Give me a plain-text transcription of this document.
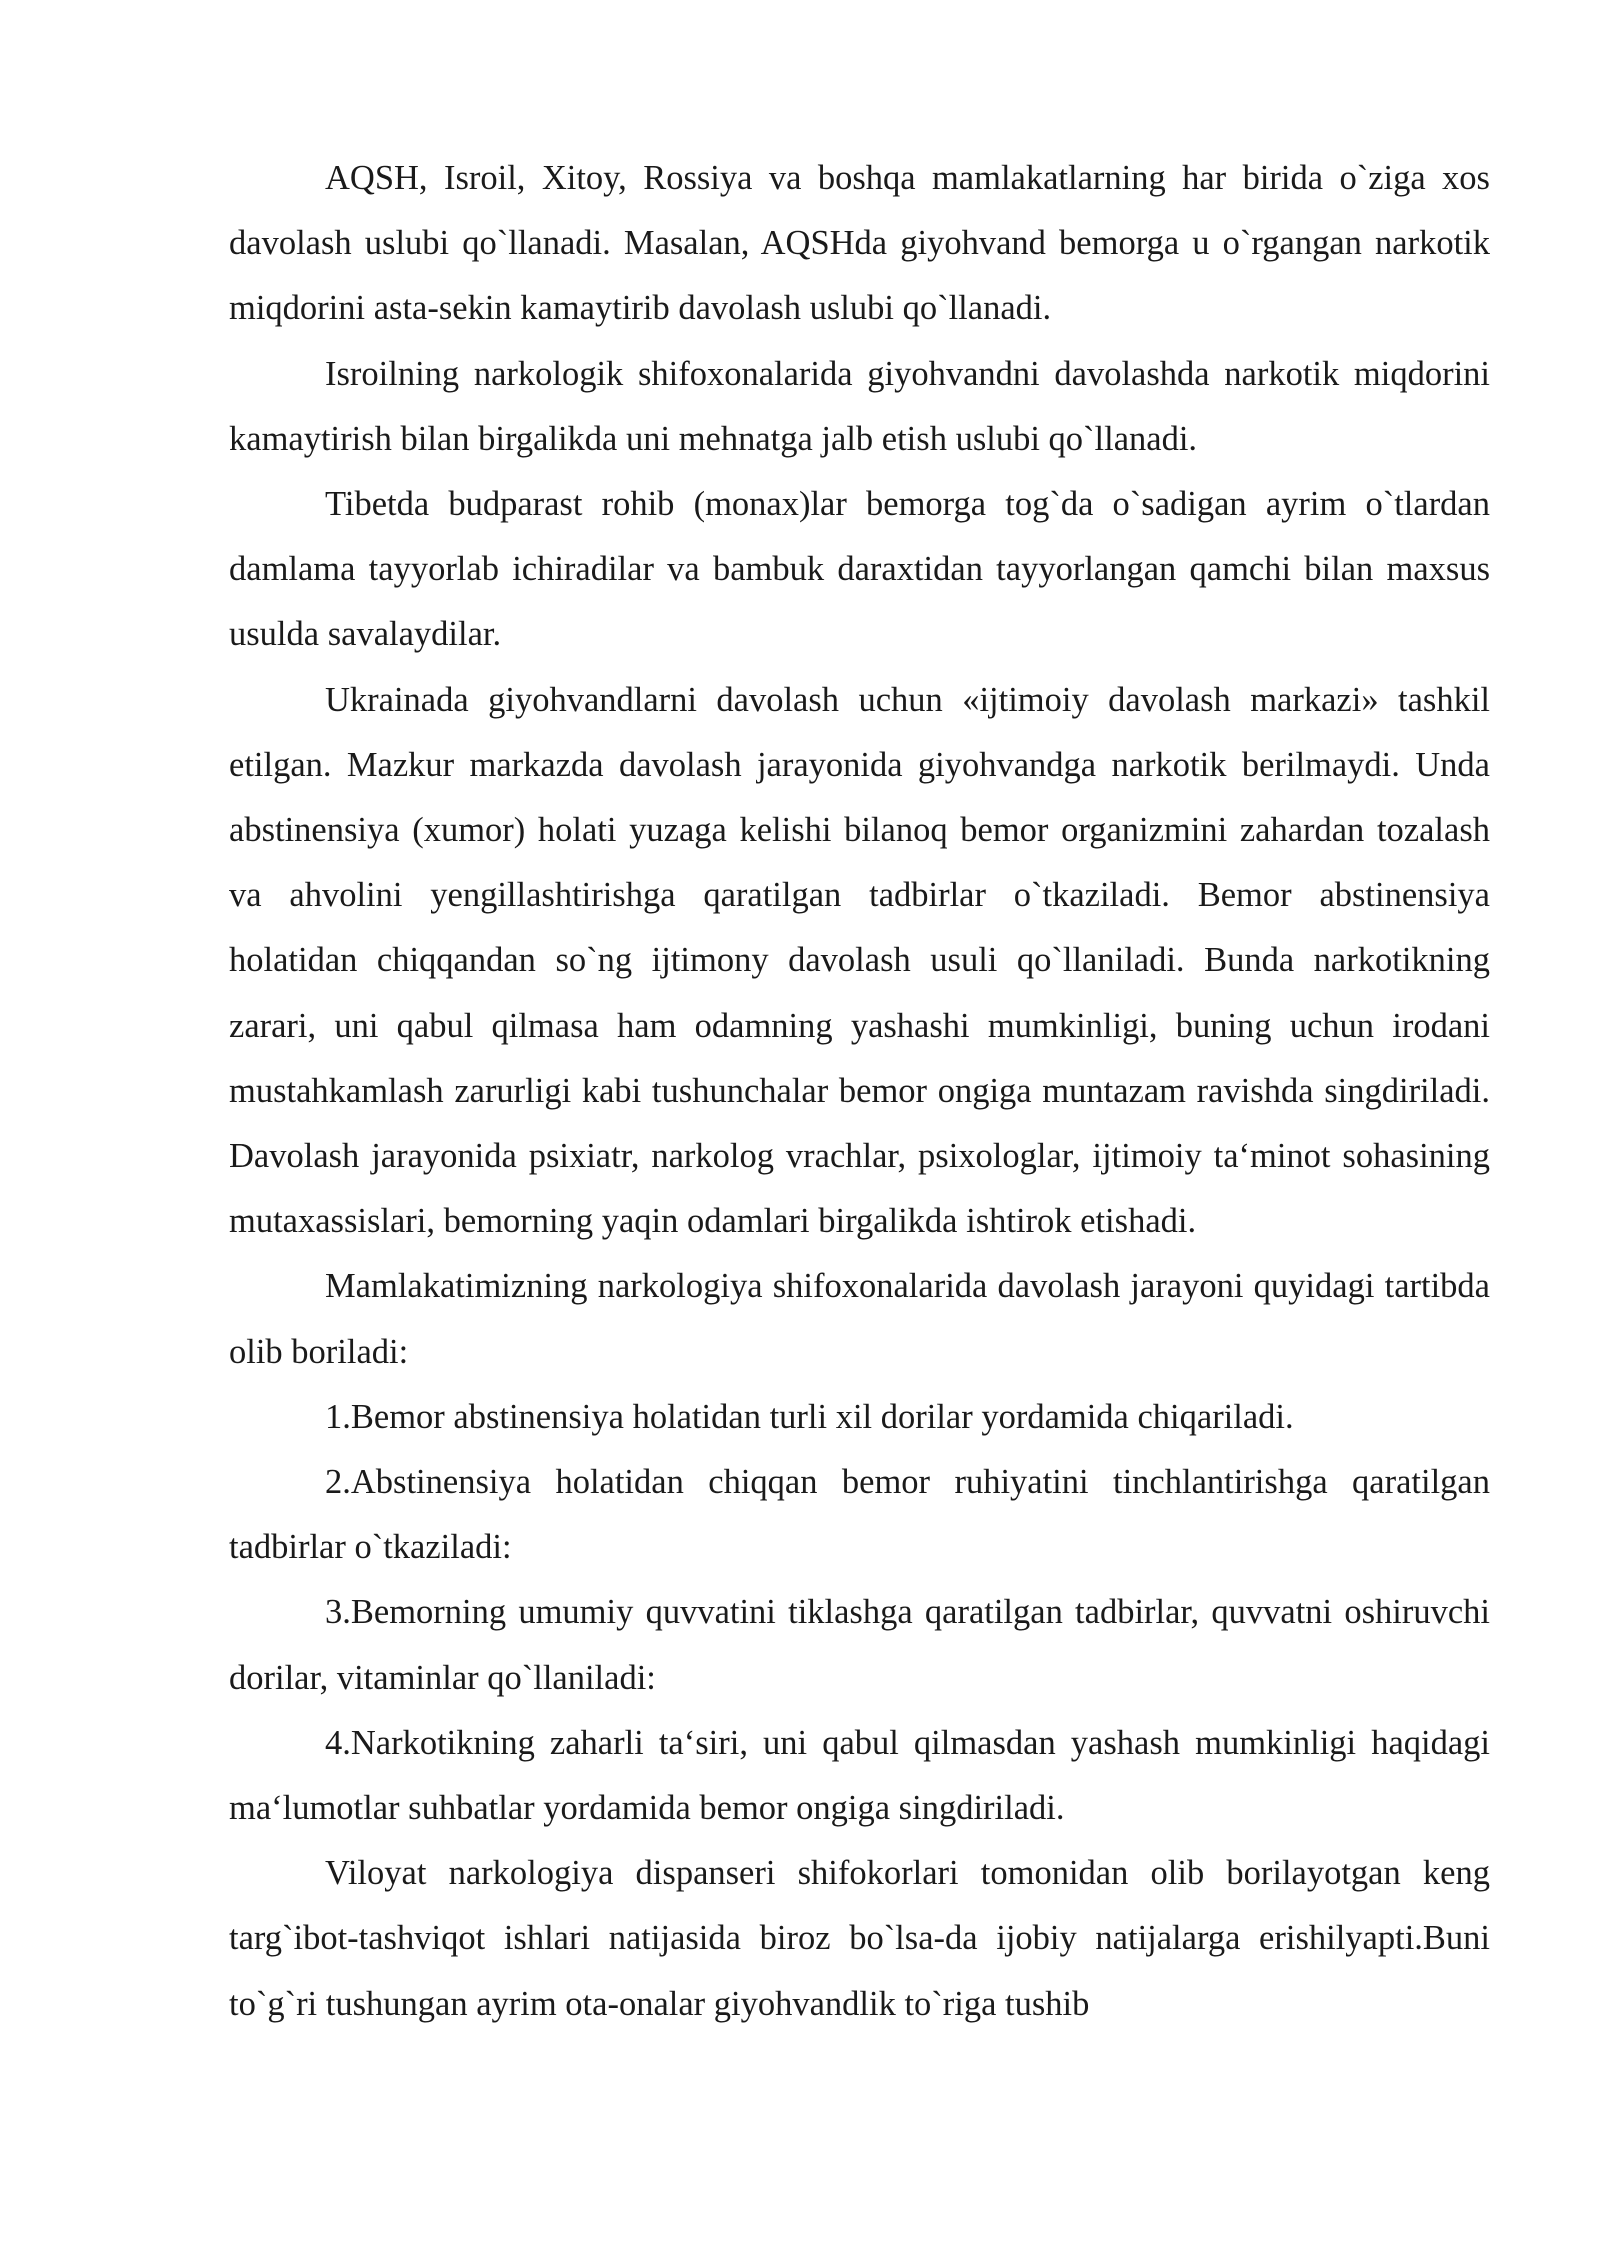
AQSH, Isroil, Xitoy, Rossiya va boshqa mamlakatlarning har birida o`ziga xos davolash uslubi qo`llanadi. Masalan, AQSHda giyohvand bemorga u o`rgangan narkotik miqdorini asta-sekin kamaytirib davolash uslubi qo`llanadi.

Isroilning narkologik shifoxonalarida giyohvandni davolashda narkotik miqdorini kamaytirish bilan birgalikda uni mehnatga jalb etish uslubi qo`llanadi.

Tibetda budparast rohib (monax)lar bemorga tog`da o`sadigan ayrim o`tlardan damlama tayyorlab ichiradilar va bambuk daraxtidan tayyorlangan qamchi bilan maxsus usulda savalaydilar.

Ukrainada giyohvandlarni davolash uchun «ijtimoiy davolash markazi» tashkil etilgan. Mazkur markazda davolash jarayonida giyohvandga narkotik berilmaydi. Unda abstinensiya (xumor) holati yuzaga kelishi bilanoq bemor organizmini zahardan tozalash va ahvolini yengillashtirishga qaratilgan tadbirlar o`tkaziladi. Bemor abstinensiya holatidan chiqqandan so`ng ijtimony davolash usuli qo`llaniladi. Bunda narkotikning zarari, uni qabul qilmasa ham odamning yashashi mumkinligi, buning uchun irodani mustahkamlash zarurligi kabi tushunchalar bemor ongiga muntazam ravishda singdiriladi. Davolash jarayonida psixiatr, narkolog vrachlar, psixologlar, ijtimoiy ta‘minot sohasining mutaxassislari, bemorning yaqin odamlari birgalikda ishtirok etishadi.

Mamlakatimizning narkologiya shifoxonalarida davolash jarayoni quyidagi tartibda olib boriladi:

1.Bemor abstinensiya holatidan turli xil dorilar yordamida chiqariladi.

2.Abstinensiya holatidan chiqqan bemor ruhiyatini tinchlantirishga qaratilgan tadbirlar o`tkaziladi:

3.Bemorning umumiy quvvatini tiklashga qaratilgan tadbirlar, quvvatni oshiruvchi dorilar, vitaminlar qo`llaniladi:

4.Narkotikning zaharli ta‘siri, uni qabul qilmasdan yashash mumkinligi haqidagi ma‘lumotlar suhbatlar yordamida bemor ongiga singdiriladi.

Viloyat narkologiya dispanseri shifokorlari tomonidan olib borilayotgan keng targ`ibot-tashviqot ishlari natijasida biroz bo`lsa-da ijobiy natijalarga erishilyapti.Buni to`g`ri tushungan ayrim ota-onalar giyohvandlik to`riga tushib
